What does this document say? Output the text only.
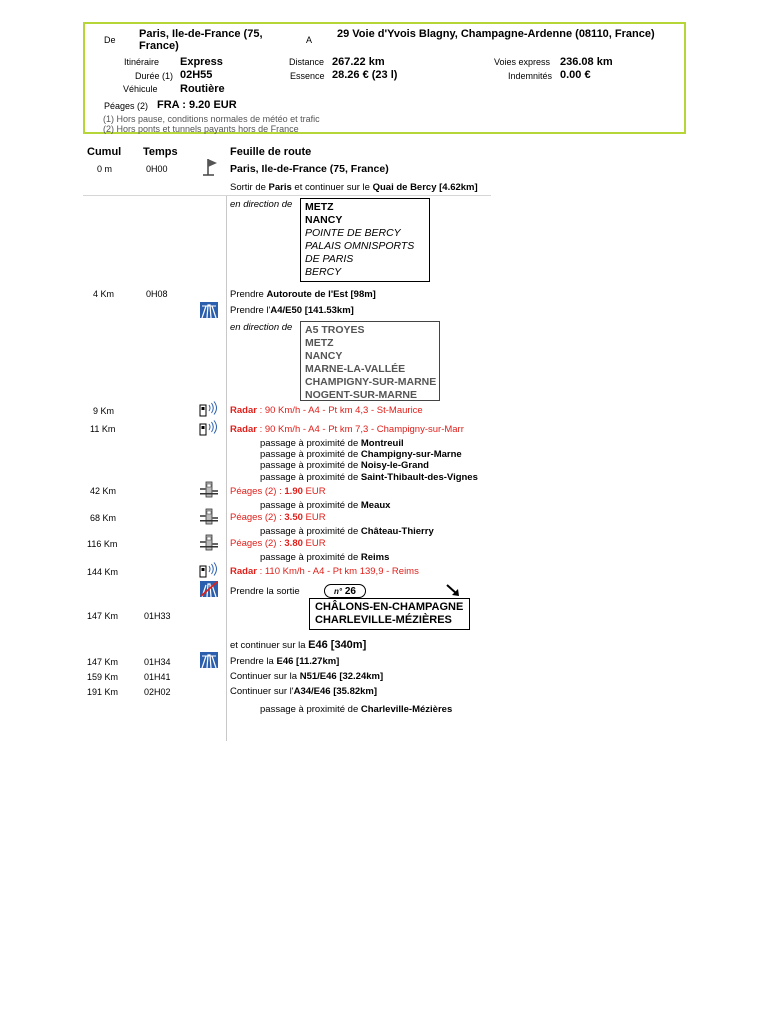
De Paris, Ile-de-France (75, France)	A 29 Voie d'Yvois Blagny, Champagne-Ardenne (08110, France)
Itinéraire Express
Durée (1) 02H55
Véhicule Routière
Distance 267.22 km
Essence 28.26 € (23 l)
Voies express 236.08 km
Indemnités 0.00 €
Péages (2) FRA : 9.20 EUR
(1) Hors pause, conditions normales de météo et trafic
(2) Hors ponts et tunnels payants hors de France
Cumul Temps	Feuille de route
0 m	0H00	Paris, Ile-de-France (75, France)
Sortir de Paris et continuer sur le Quai de Bercy [4.62km]
en direction de METZ
NANCY
POINTE DE BERCY
PALAIS OMNISPORTS
DE PARIS
BERCY
4 Km	0H08	Prendre Autoroute de l'Est [98m]
Prendre l'A4/E50 [141.53km]
en direction de A5 TROYES
METZ
NANCY
MARNE-LA-VALLÉE
CHAMPIGNY-SUR-MARNE
NOGENT-SUR-MARNE
9 Km	Radar : 90 Km/h - A4 - Pt km 4,3 - St-Maurice
11 Km	Radar : 90 Km/h - A4 - Pt km 7,3 - Champigny-sur-Marr
passage à proximité de Montreuil
passage à proximité de Champigny-sur-Marne
passage à proximité de Noisy-le-Grand
passage à proximité de Saint-Thibault-des-Vignes
42 Km	Péages (2) : 1.90 EUR
passage à proximité de Meaux
68 Km	Péages (2) : 3.50 EUR
passage à proximité de Château-Thierry
116 Km	Péages (2) : 3.80 EUR
passage à proximité de Reims
144 Km	Radar : 110 Km/h - A4 - Pt km 139,9 - Reims
Prendre la sortie	n° 26
CHÂLONS-EN-CHAMPAGNE
CHARLEVILLE-MÉZIÈRES
147 Km	01H33
et continuer sur la E46 [340m]
147 Km	01H34	Prendre la E46 [11.27km]
159 Km	01H41	Continuer sur la N51/E46 [32.24km]
191 Km	02H02	Continuer sur l'A34/E46 [35.82km]
passage à proximité de Charleville-Mézières
